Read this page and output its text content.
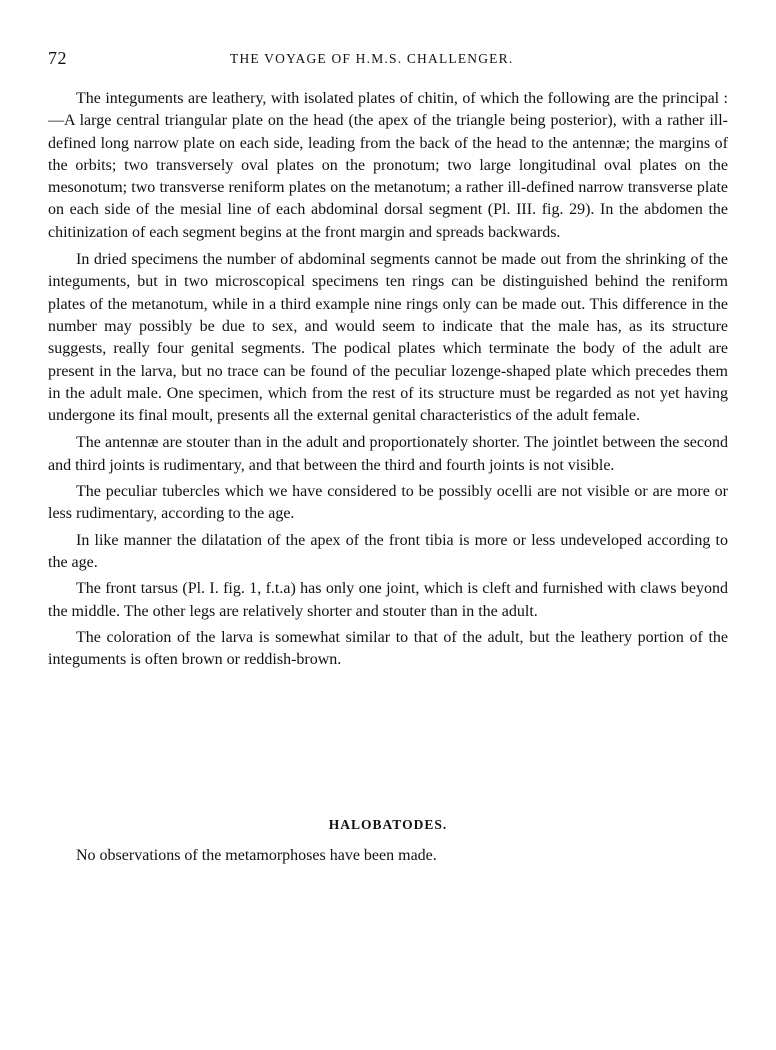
72	THE VOYAGE OF H.M.S. CHALLENGER.

The integuments are leathery, with isolated plates of chitin, of which the following are the principal :—A large central triangular plate on the head (the apex of the triangle being posterior), with a rather ill-defined long narrow plate on each side, leading from the back of the head to the antennæ; the margins of the orbits; two transversely oval plates on the pronotum; two large longitudinal oval plates on the mesonotum; two transverse reniform plates on the metanotum; a rather ill-defined narrow transverse plate on each side of the mesial line of each abdominal dorsal segment (Pl. III. fig. 29). In the abdomen the chitinization of each segment begins at the front margin and spreads backwards.

In dried specimens the number of abdominal segments cannot be made out from the shrinking of the integuments, but in two microscopical specimens ten rings can be distinguished behind the reniform plates of the metanotum, while in a third example nine rings only can be made out. This difference in the number may possibly be due to sex, and would seem to indicate that the male has, as its structure suggests, really four genital segments. The podical plates which terminate the body of the adult are present in the larva, but no trace can be found of the peculiar lozenge-shaped plate which precedes them in the adult male. One specimen, which from the rest of its structure must be regarded as not yet having undergone its final moult, presents all the external genital characteristics of the adult female.

The antennæ are stouter than in the adult and proportionately shorter. The jointlet between the second and third joints is rudimentary, and that between the third and fourth joints is not visible.

The peculiar tubercles which we have considered to be possibly ocelli are not visible or are more or less rudimentary, according to the age.

In like manner the dilatation of the apex of the front tibia is more or less undeveloped according to the age.

The front tarsus (Pl. I. fig. 1, f.t.a) has only one joint, which is cleft and furnished with claws beyond the middle. The other legs are relatively shorter and stouter than in the adult.

The coloration of the larva is somewhat similar to that of the adult, but the leathery portion of the integuments is often brown or reddish-brown.

HALOBATODES.

No observations of the metamorphoses have been made.
